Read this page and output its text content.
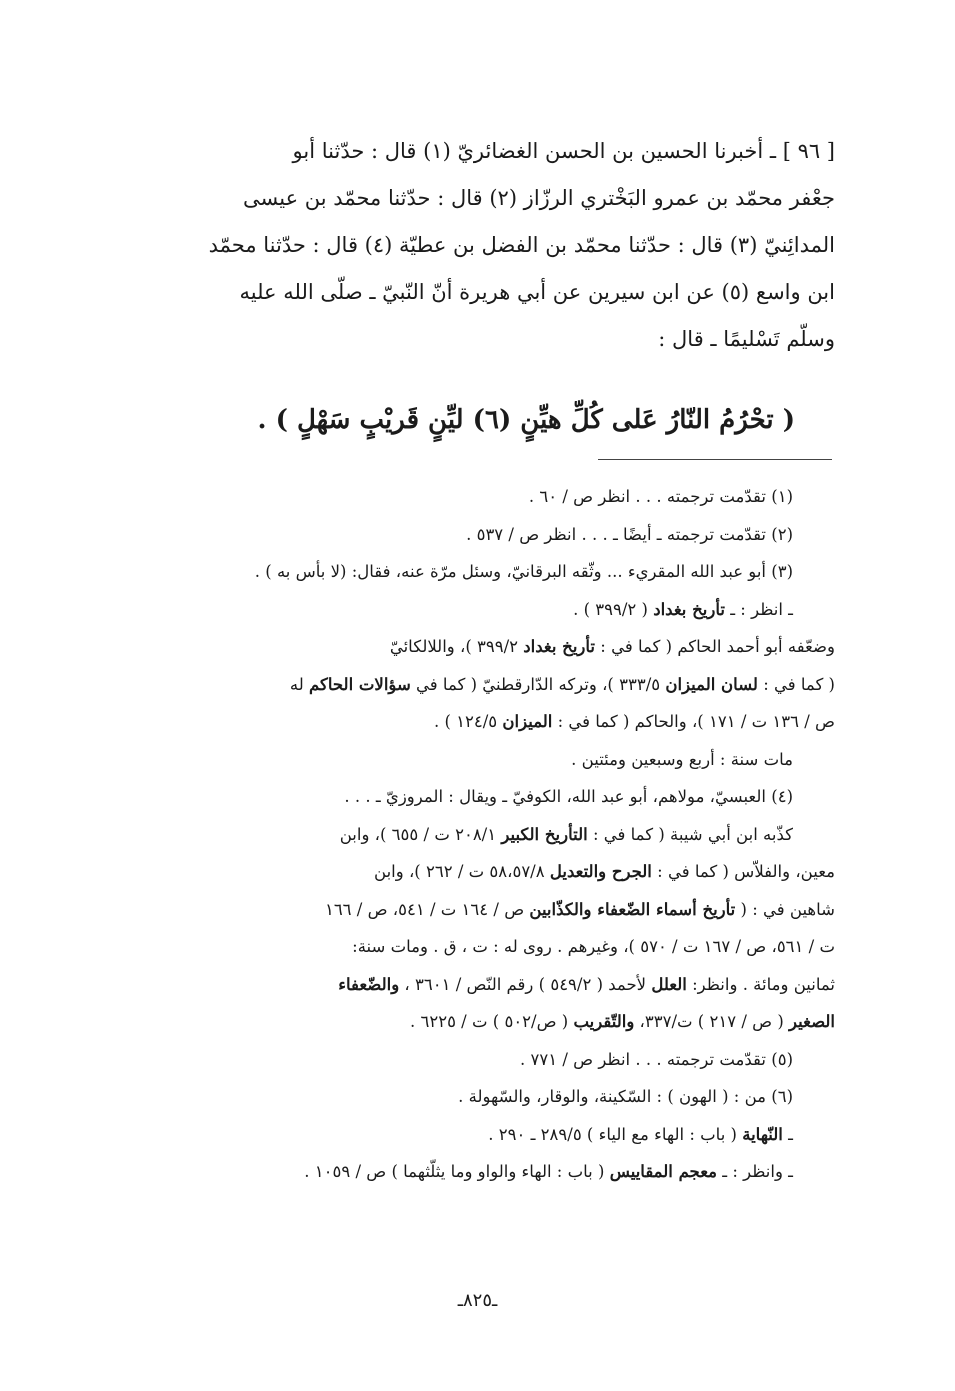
[ ٩٦ ] ـ أخبرنا الحسين بن الحسن الغضائريّ (١) قال : حدّثنا أبو
جعْفر محمّد بن عمرو البَخْتري الرزّاز (٢) قال : حدّثنا محمّد بن عيسى
المدائِنيّ (٣) قال : حدّثنا محمّد بن الفضل بن عطيّة (٤) قال : حدّثنا محمّد
ابن واسع (٥) عن ابن سيرين عن أبي هريرة أنّ النّبيّ ـ صلّى الله عليه
وسلّم تَسْليمًا ـ قال :
( تحْرُمُ النّارُ عَلى كُلِّ هيِّنٍ (٦) ليِّنٍ قَريْبٍ سَهْلٍ ) .
(١) تقدّمت ترجمته . . . انظر ص / ٦٠ .
(٢) تقدّمت ترجمته ـ أيضًا ـ . . . انظر ص / ٥٣٧ .
(٣) أبو عبد الله المقريء ... وثّقه البرقانيّ، وسئل مرّة عنه، فقال: (لا بأس به ) .
ـ انظر : ـ تأريخ بغداد ( ٣٩٩/٢ ) .
وضعّفه أبو أحمد الحاكم ( كما في : تأريخ بغداد ٣٩٩/٢ )، واللالكائيّ
( كما في : لسان الميزان ٣٣٣/٥ )، وتركه الدّارقطنيّ ( كما في سؤالات الحاكم له
ص / ١٣٦ ت / ١٧١ )، والحاكم ( كما في : الميزان ١٢٤/٥ ) .
مات سنة : أربع وسبعين ومئتين .
(٤) العبسيّ، مولاهم، أبو عبد الله، الكوفيّ ـ ويقال : المروزيّ ـ . . .
كذّبه ابن أبي شيبة ( كما في : التأريخ الكبير ٢٠٨/١ ت / ٦٥٥ )، وابن
معين، والفلاّس ( كما في : الجرح والتعديل ٥٨،٥٧/٨ ت / ٢٦٢ )، وابن
شاهين في : ( تأريخ أسماء الضّعفاء والكذّابين ص / ١٦٤ ت / ٥٤١، ص / ١٦٦
ت / ٥٦١، ص / ١٦٧ ت / ٥٧٠ )، وغيرهم . روى له : ت ، ق . ومات سنة:
ثمانين ومائة . وانظر: العلل لأحمد ( ٥٤٩/٢ ) رقم النّص / ٣٦٠١ ، والضّعفاء
الصغير ( ص / ٢١٧ ) ت/٣٣٧، والتّقريب ( ص/٥٠٢ ) ت / ٦٢٢٥ .
(٥) تقدّمت ترجمته . . . انظر ص / ٧٧١ .
(٦) من : ( الهون ) : السّكينة، والوقار، والسّهولة .
ـ النّهاية ( باب : الهاء مع الياء ) ٢٨٩/٥ ـ ٢٩٠ .
ـ وانظر : ـ معجم المقاييس ( باب : الهاء والواو وما يثلّثهما ) ص / ١٠٥٩ .
ـ٨٢٥ـ
